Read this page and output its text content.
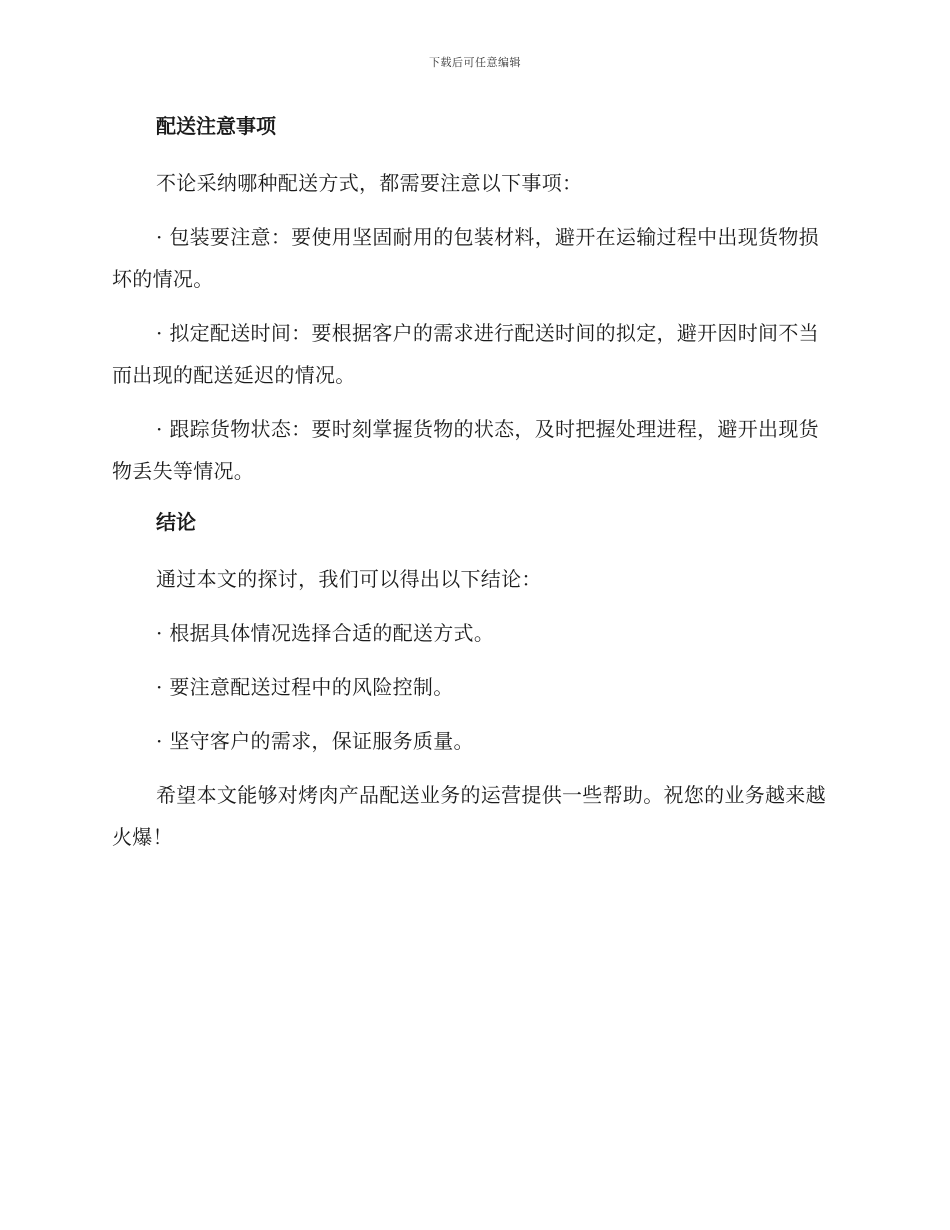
下载后可任意编辑
配送注意事项

不论采纳哪种配送方式，都需要注意以下事项：

· 包装要注意：要使用坚固耐用的包装材料，避开在运输过程中出现货物损坏的情况。

· 拟定配送时间：要根据客户的需求进行配送时间的拟定，避开因时间不当而出现的配送延迟的情况。

· 跟踪货物状态：要时刻掌握货物的状态，及时把握处理进程，避开出现货物丢失等情况。

结论

通过本文的探讨，我们可以得出以下结论：

· 根据具体情况选择合适的配送方式。

· 要注意配送过程中的风险控制。

· 坚守客户的需求，保证服务质量。

希望本文能够对烤肉产品配送业务的运营提供一些帮助。祝您的业务越来越火爆！
